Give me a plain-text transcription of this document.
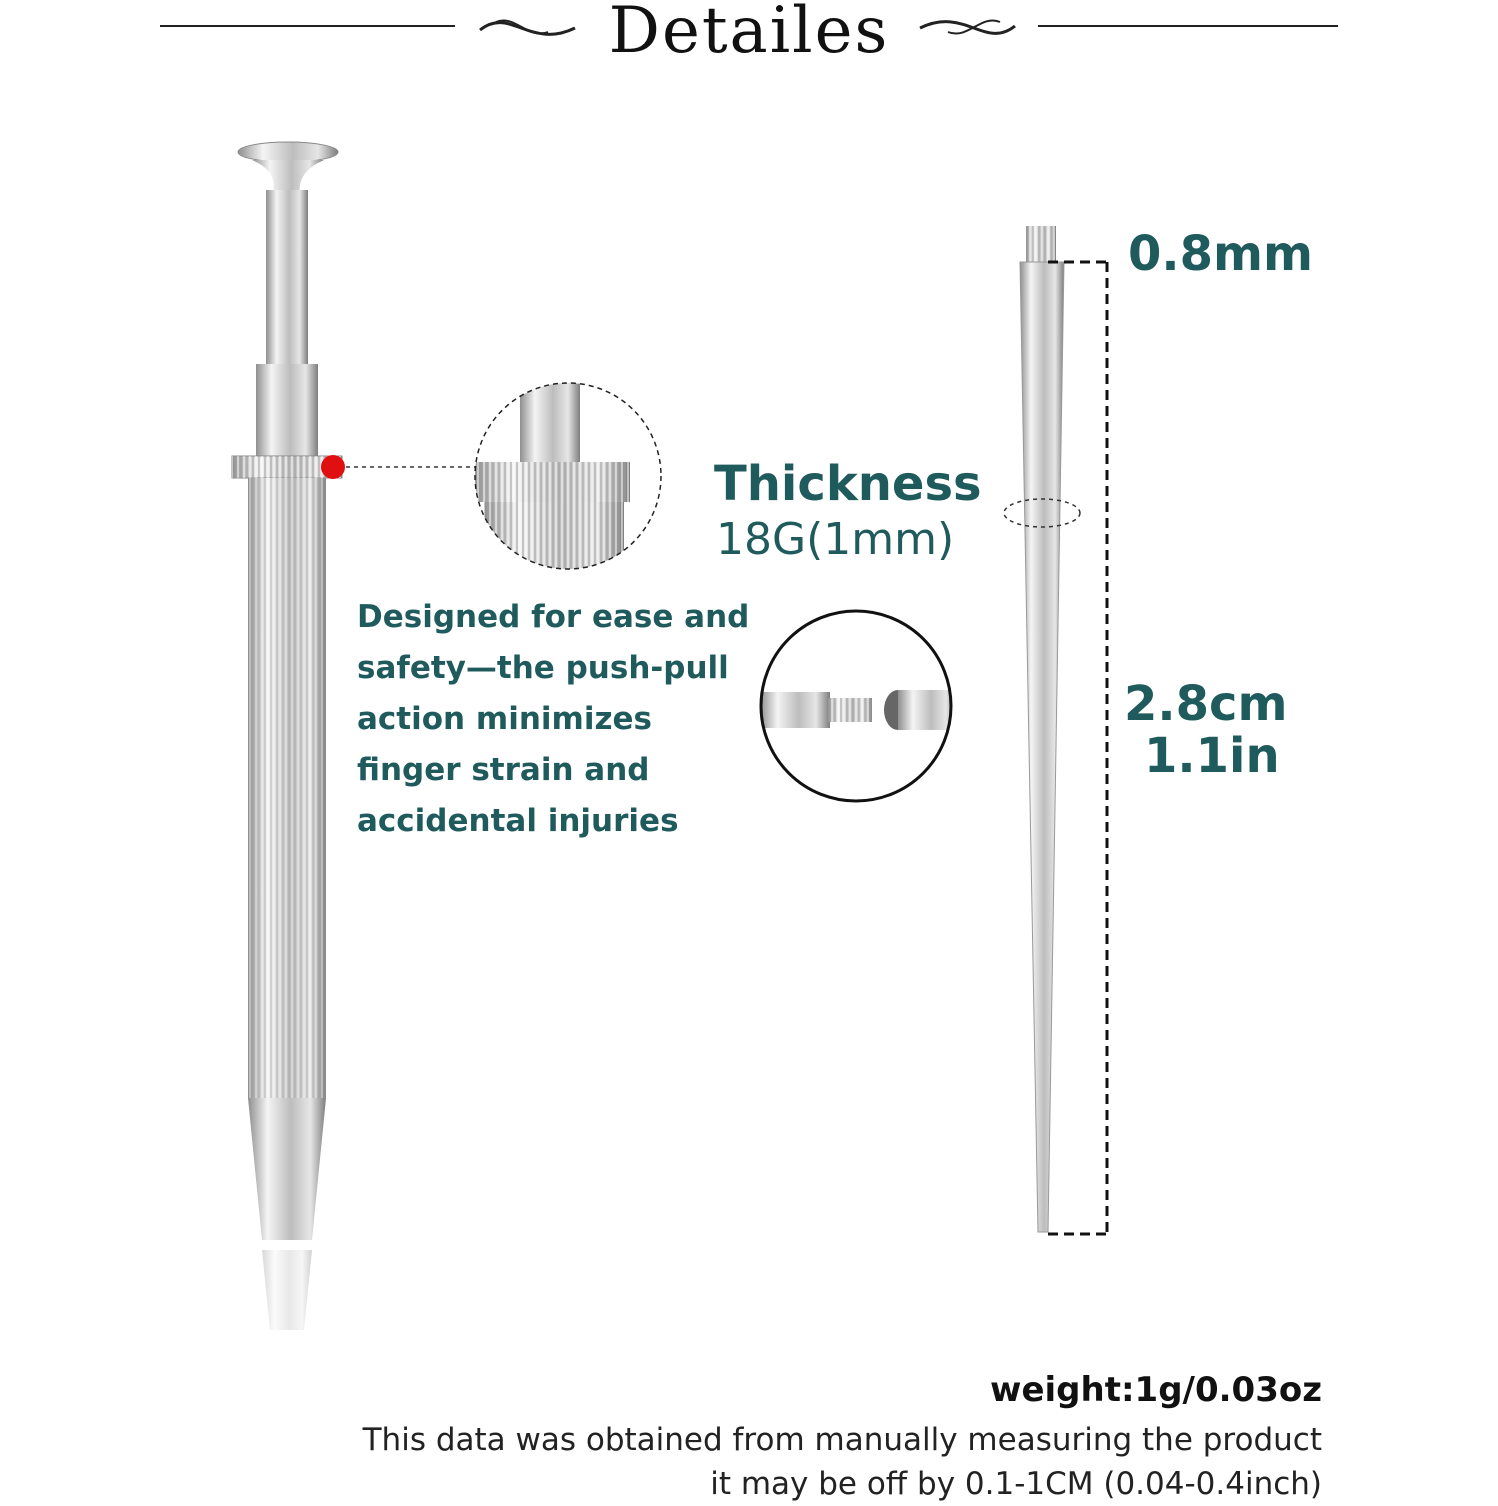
Detailes
0.8mm
Thickness
18G(1mm)
2.8cm
1.1in
Designed for ease and safety—the push-pull action minimizes finger strain and accidental injuries
weight:1g/0.03oz
This data was obtained from manually measuring the product
it may be off by 0.1-1CM (0.04-0.4inch)
